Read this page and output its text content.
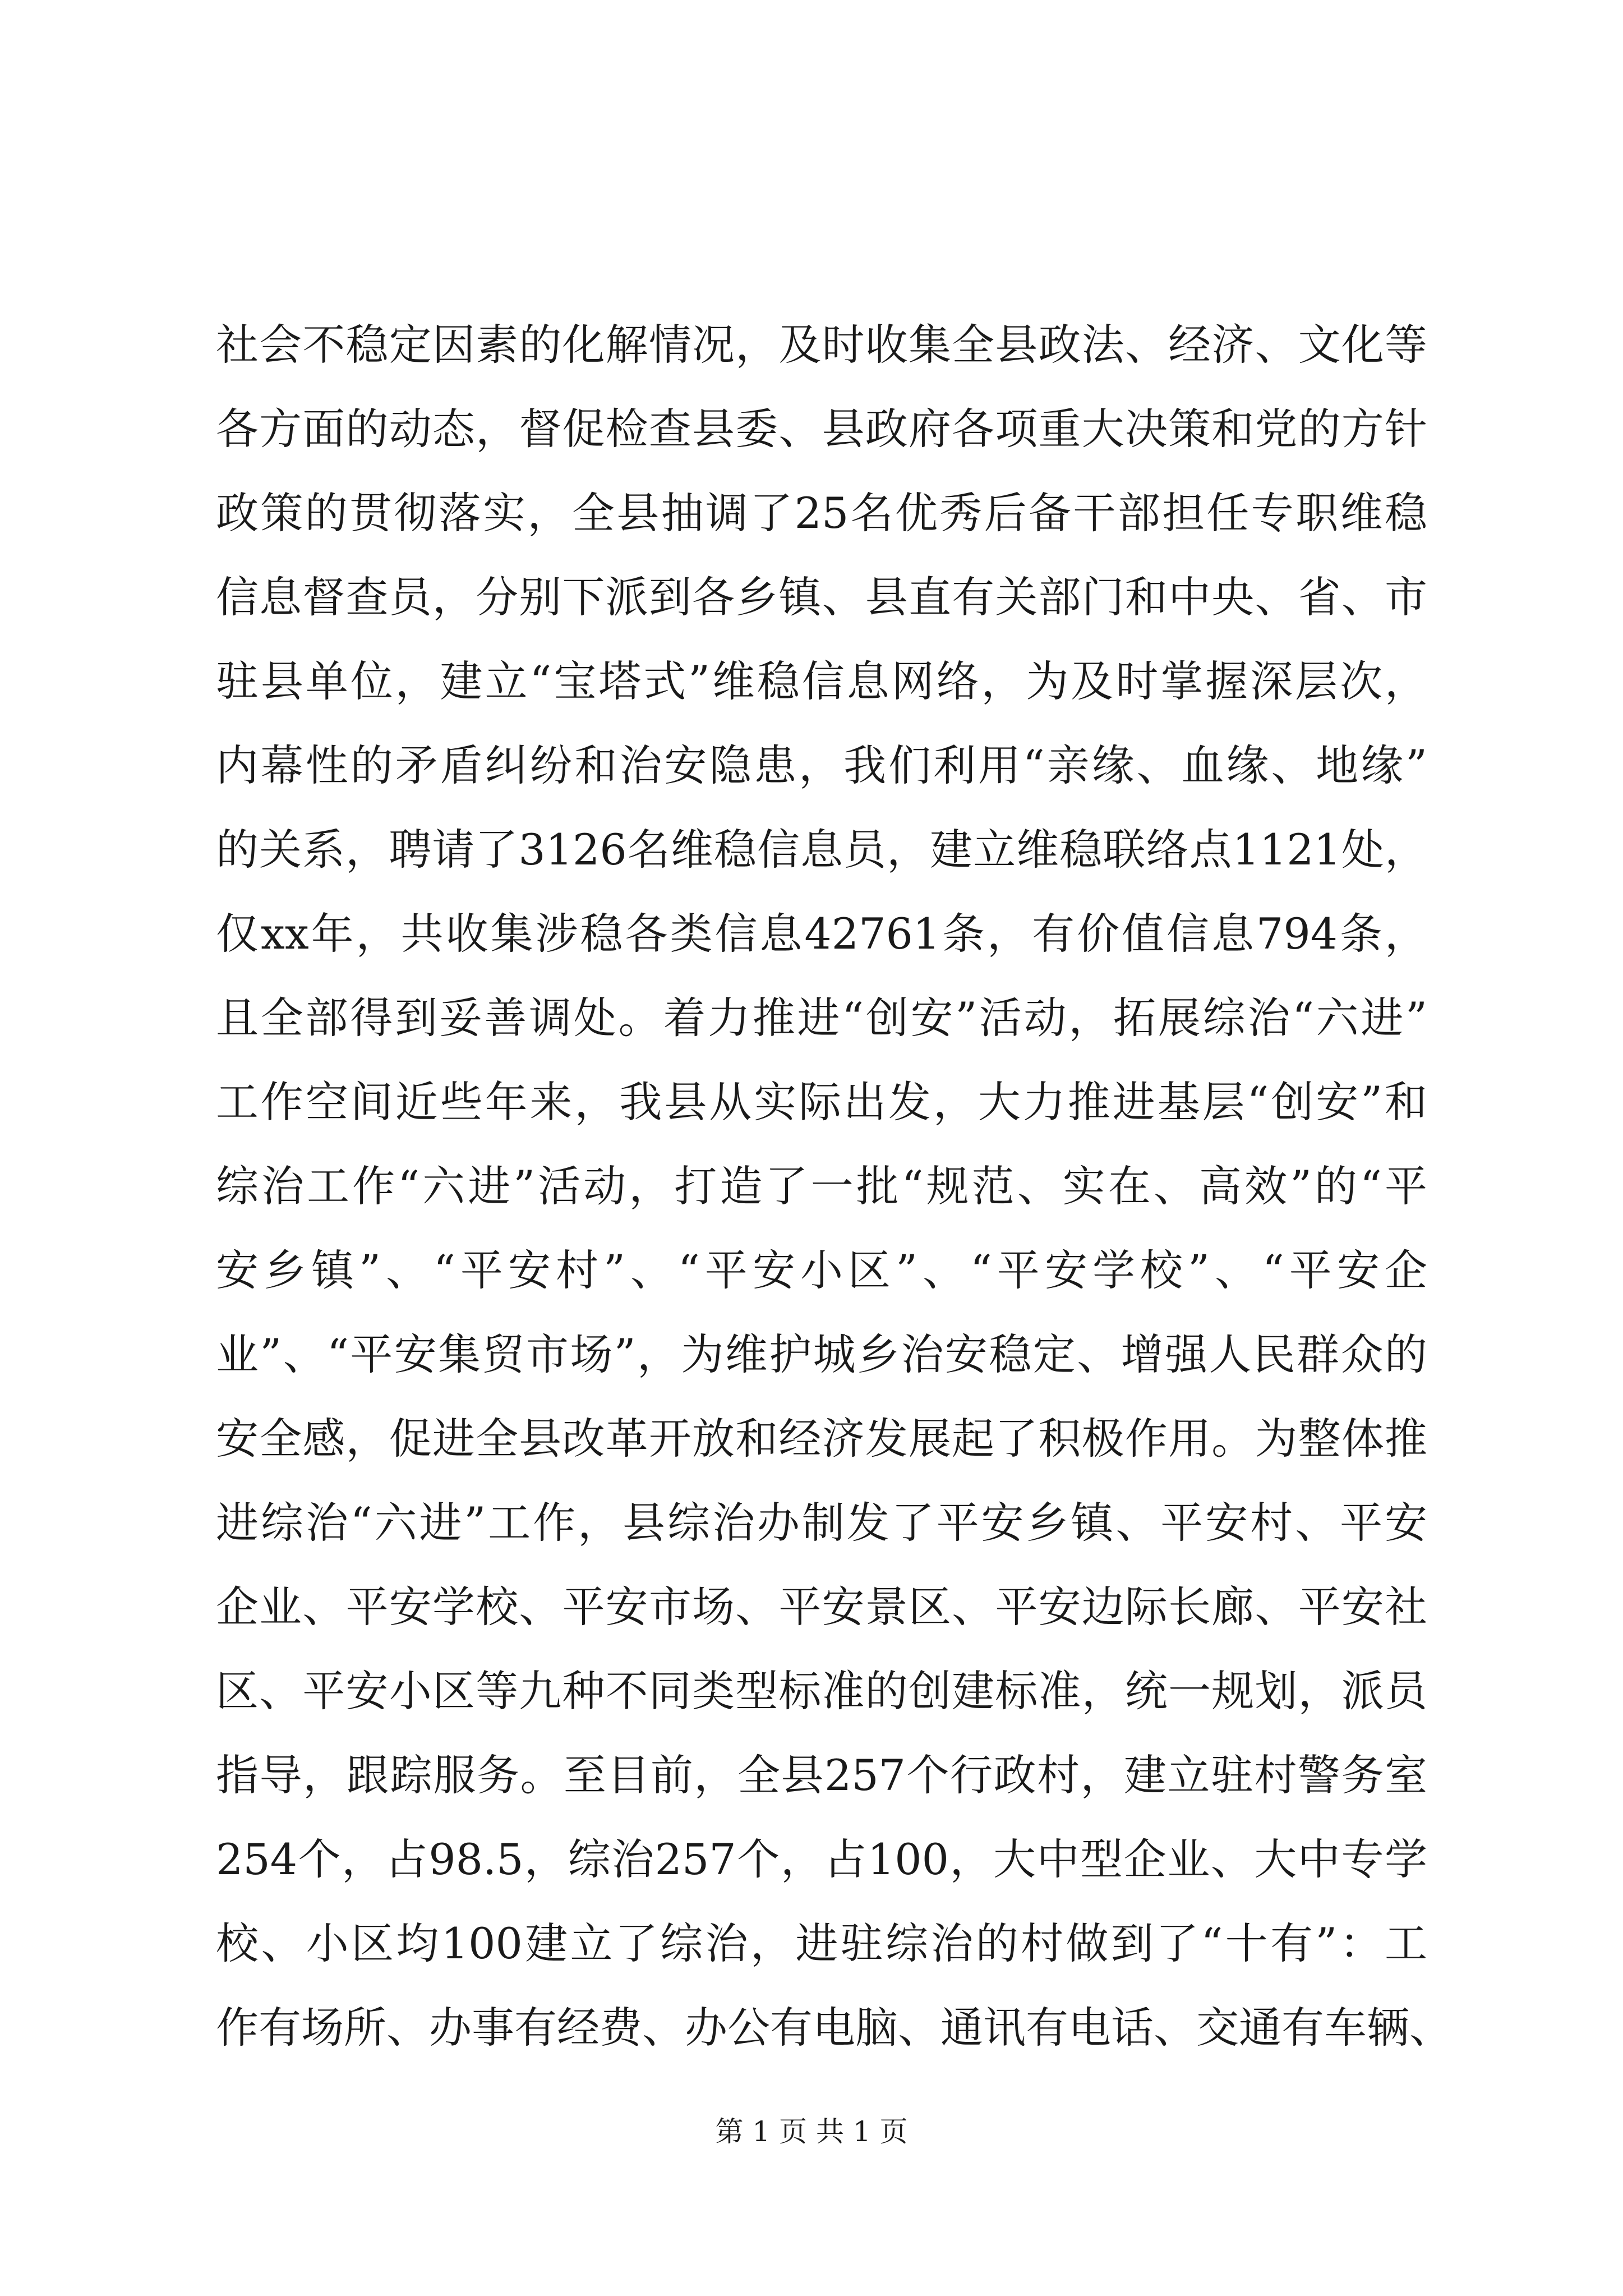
社会不稳定因素的化解情况，及时收集全县政法、经济、文化等
各方面的动态，督促检查县委、县政府各项重大决策和党的方针
政策的贯彻落实，全县抽调了25名优秀后备干部担任专职维稳
信息督查员，分别下派到各乡镇、县直有关部门和中央、省、市
驻县单位，建立“宝塔式”维稳信息网络，为及时掌握深层次，
内幕性的矛盾纠纷和治安隐患，我们利用“亲缘、血缘、地缘”
的关系，聘请了3126名维稳信息员，建立维稳联络点1121处，
仅xx年，共收集涉稳各类信息42761条，有价值信息794条，
且全部得到妥善调处。着力推进“创安”活动，拓展综治“六进”
工作空间近些年来，我县从实际出发，大力推进基层“创安”和
综治工作“六进”活动，打造了一批“规范、实在、高效”的“平
安乡镇”、“平安村”、“平安小区”、“平安学校”、“平安企
业”、“平安集贸市场”，为维护城乡治安稳定、增强人民群众的
安全感，促进全县改革开放和经济发展起了积极作用。为整体推
进综治“六进”工作，县综治办制发了平安乡镇、平安村、平安
企业、平安学校、平安市场、平安景区、平安边际长廊、平安社
区、平安小区等九种不同类型标准的创建标准，统一规划，派员
指导，跟踪服务。至目前，全县257个行政村，建立驻村警务室
254个，占98.5，综治257个，占100，大中型企业、大中专学
校、小区均100建立了综治，进驻综治的村做到了“十有”：工
作有场所、办事有经费、办公有电脑、通讯有电话、交通有车辆、
第 1 页 共 1 页
